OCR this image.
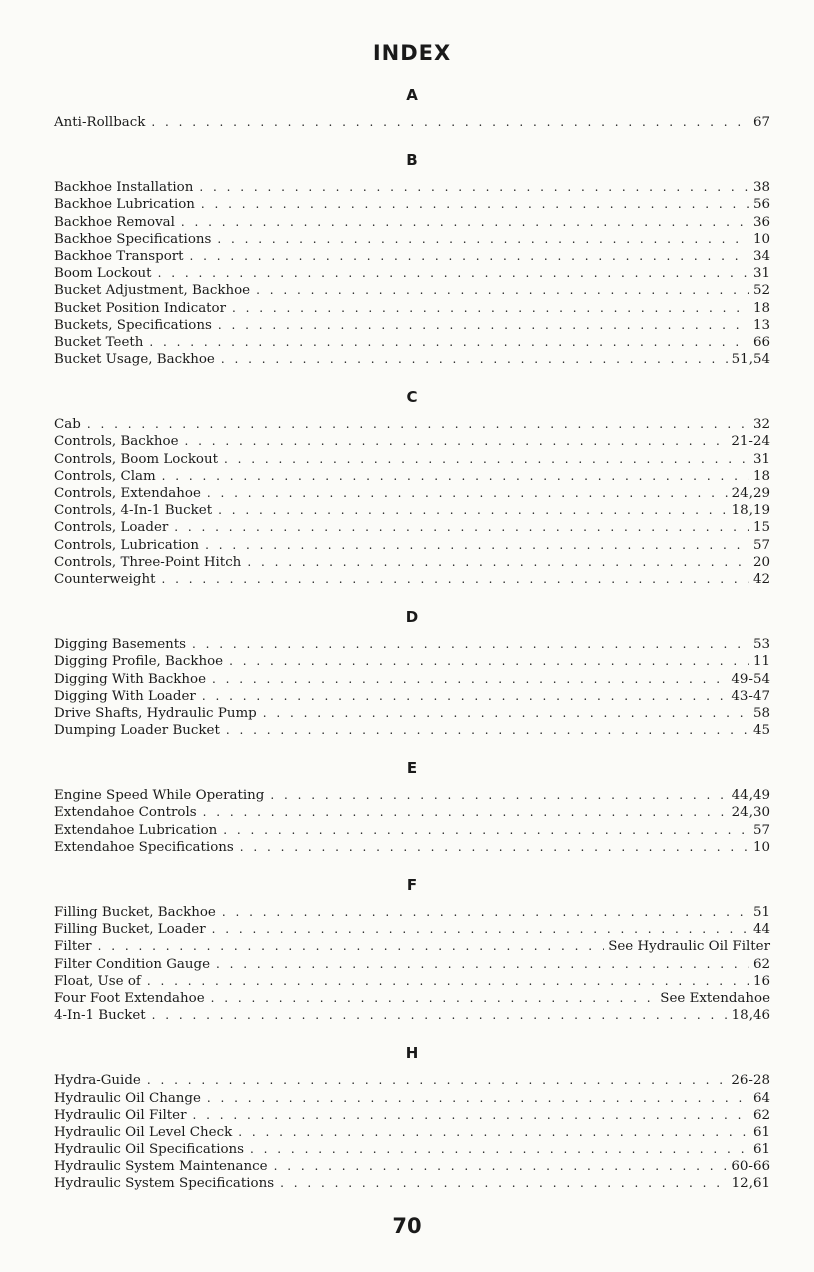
INDEX
A
Anti-Rollback . . .	67
B
Backhoe Installation . . .	38
Backhoe Lubrication . . .	56
Backhoe Removal . . .	36
Backhoe Specifications . . .	10
Backhoe Transport . . .	34
Boom Lockout . . .	31
Bucket Adjustment, Backhoe . . .	52
Bucket Position Indicator . . .	18
Buckets, Specifications . . .	13
Bucket Teeth . . .	66
Bucket Usage, Backhoe . . .	51,54
C
Cab . . .	32
Controls, Backhoe . . .	21-24
Controls, Boom Lockout . . .	31
Controls, Clam . . .	18
Controls, Extendahoe . . .	24,29
Controls, 4-In-1 Bucket . . .	18,19
Controls, Loader . . .	15
Controls, Lubrication . . .	57
Controls, Three-Point Hitch . . .	20
Counterweight . . .	42
D
Digging Basements . . .	53
Digging Profile, Backhoe . . .	11
Digging With Backhoe . . .	49-54
Digging With Loader . . .	43-47
Drive Shafts, Hydraulic Pump . . .	58
Dumping Loader Bucket . . .	45
E
Engine Speed While Operating . . .	44,49
Extendahoe Controls . . .	24,30
Extendahoe Lubrication . . .	57
Extendahoe Specifications . . .	10
F
Filling Bucket, Backhoe . . .	51
Filling Bucket, Loader . . .	44
Filter . . .	See Hydraulic Oil Filter
Filter Condition Gauge . . .	62
Float, Use of . . .	16
Four Foot Extendahoe . . .	See Extendahoe
4-In-1 Bucket . . .	18,46
H
Hydra-Guide . . .	26-28
Hydraulic Oil Change . . .	64
Hydraulic Oil Filter . . .	62
Hydraulic Oil Level Check . . .	61
Hydraulic Oil Specifications . . .	61
Hydraulic System Maintenance . . .	60-66
Hydraulic System Specifications . . .	12,61
70
